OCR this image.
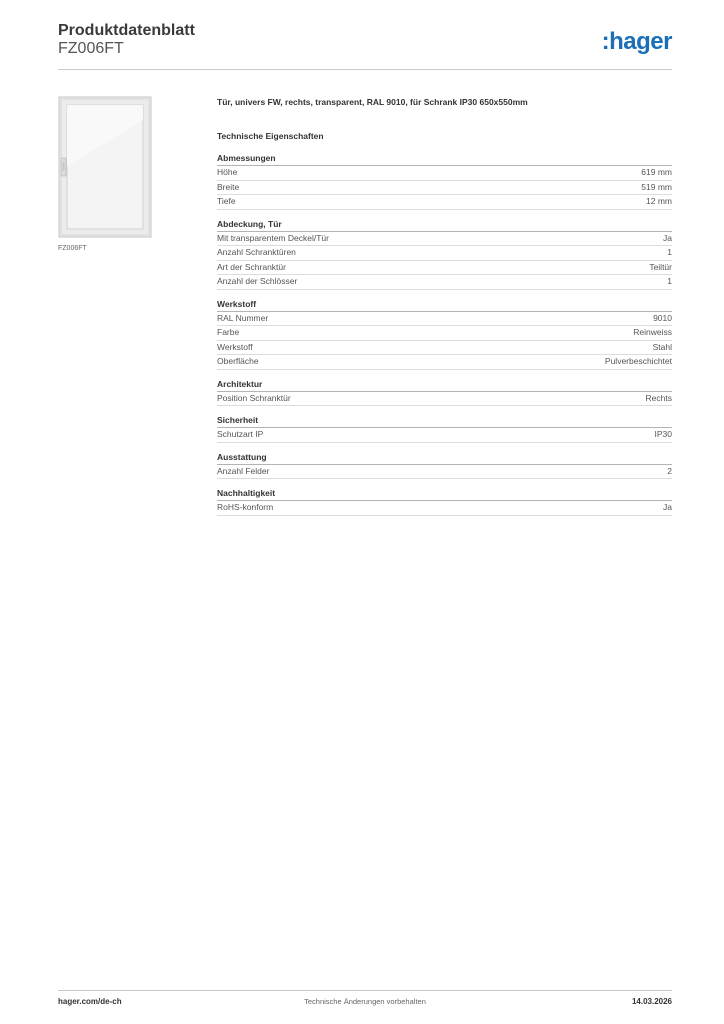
Produktdatenblatt
FZ006FT	:hager
FZ006FT
Tür, univers FW, rechts, transparent, RAL 9010, für Schrank IP30 650x550mm
Technische Eigenschaften
Abmessungen
Höhe	619 mm
Breite	519 mm
Tiefe	12 mm
Abdeckung, Tür
Mit transparentem Deckel/Tür	Ja
Anzahl Schranktüren	1
Art der Schranktür	Teiltür
Anzahl der Schlösser	1
Werkstoff
RAL Nummer	9010
Farbe	Reinweiss
Werkstoff	Stahl
Oberfläche	Pulverbeschichtet
Architektur
Position Schranktür	Rechts
Sicherheit
Schutzart IP	IP30
Ausstattung
Anzahl Felder	2
Nachhaltigkeit
RoHS-konform	Ja
hager.com/de-ch	Technische Änderungen vorbehalten	14.03.2026
